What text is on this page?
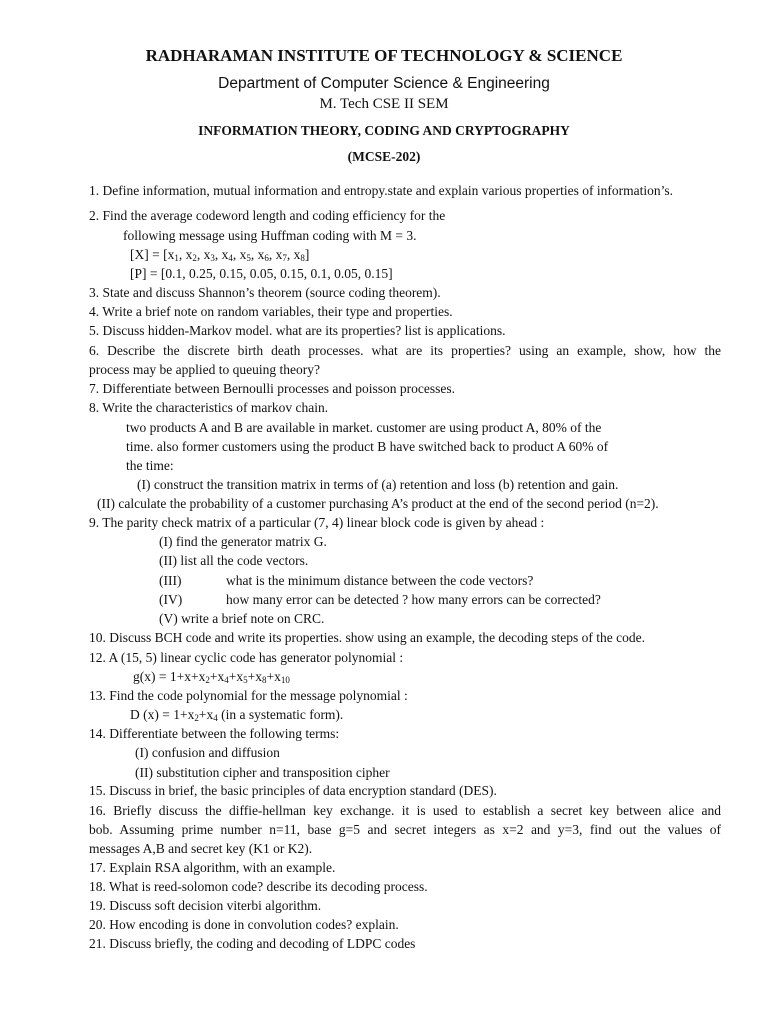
RADHARAMAN INSTITUTE OF TECHNOLOGY & SCIENCE
Department of Computer Science & Engineering
M. Tech CSE II SEM
INFORMATION THEORY, CODING AND CRYPTOGRAPHY
(MCSE-202)
1. Define information, mutual information and entropy.state and explain various properties of information’s.
2. Find the average codeword length and coding efficiency for the
following message using Huffman coding with M = 3.
$[X] = [x_1$, $x_2$, $x_3$, $x_4$, $x_5$, $x_6$, $x_7$, $x_8$]
[P] = [0.1, 0.25, 0.15, 0.05, 0.15, 0.1, 0.05, 0.15]
3. State and discuss Shannon’s theorem (source coding theorem).
4. Write a brief note on random variables, their type and properties.
5. Discuss hidden-Markov model. what are its properties? list is applications.
6. Describe the discrete birth death processes. what are its properties? using an example, show, how the
process may be applied to queuing theory?
7. Differentiate between Bernoulli processes and poisson processes.
8. Write the characteristics of markov chain.
two products A and B are available in market. customer are using product A, 80% of the
time. also former customers using the product B have switched back to product A 60% of
the time:
(I) construct the transition matrix in terms of (a) retention and loss (b) retention and gain.
(II) calculate the probability of a customer purchasing A’s product at the end of the second period (n=2).
9. The parity check matrix of a particular (7, 4) linear block code is given by ahead :
(I) find the generator matrix G.
(II) list all the code vectors.
(III)	what is the minimum distance between the code vectors?
(IV)	how many error can be detected ? how many errors can be corrected?
(V) write a brief note on CRC.
10. Discuss BCH code and write its properties. show using an example, the decoding steps of the code.
12. A (15, 5) linear cyclic code has generator polynomial :
$g(x) = 1+x+x_2+x_4+x_5+x_8+x_{10}$
13. Find the code polynomial for the message polynomial :
D $(x) = 1+x_2+x_4$ (in a systematic form).
14. Differentiate between the following terms:
(I) confusion and diffusion
(II) substitution cipher and transposition cipher
15. Discuss in brief, the basic principles of data encryption standard (DES).
16. Briefly discuss the diffie-hellman key exchange. it is used to establish a secret key between alice and
bob. Assuming prime number n=11, base g=5 and secret integers as x=2 and y=3, find out the values of
messages A,B and secret key (K1 or K2).
17. Explain RSA algorithm, with an example.
18. What is reed-solomon code? describe its decoding process.
19. Discuss soft decision viterbi algorithm.
20. How encoding is done in convolution codes? explain.
21. Discuss briefly, the coding and decoding of LDPC codes
